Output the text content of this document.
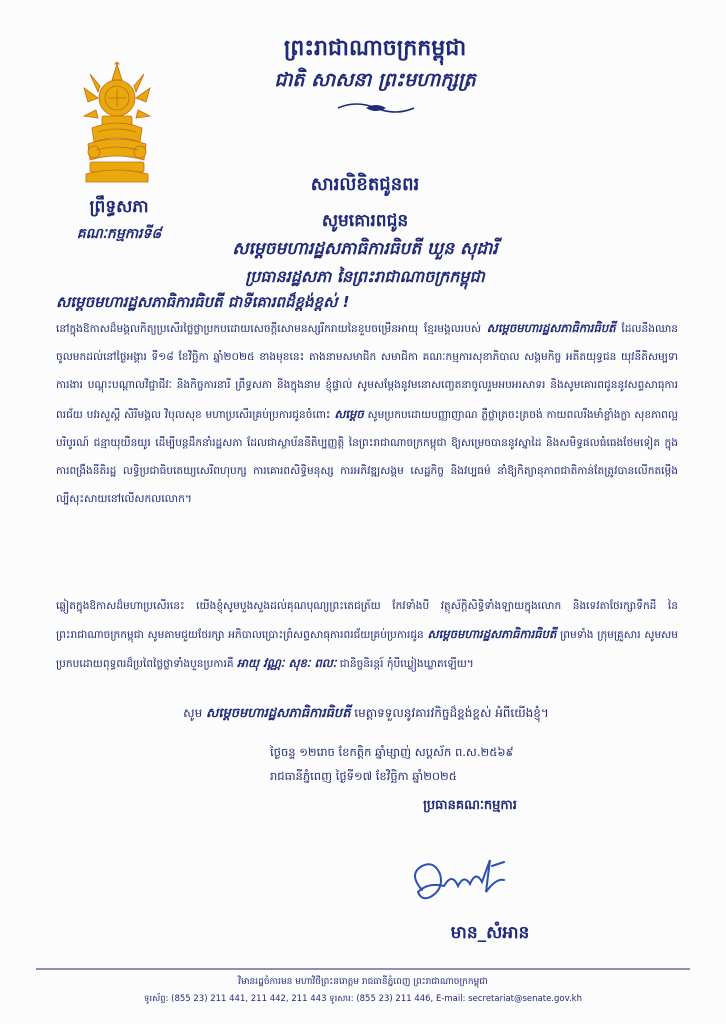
ព្រឹទ្ធសភា
គណៈកម្មការទី៨
ព្រះរាជាណាចក្រកម្ពុជា
ជាតិ សាសនា ព្រះមហាក្សត្រ
សារលិខិតជូនពរ
សូមគោរពជូន
សម្តេចមហារដ្ឋសភាធិការធិបតី ឃួន សុដារី
ប្រធានរដ្ឋសភា នៃព្រះរាជាណាចក្រកម្ពុជា
សម្តេចមហារដ្ឋសភាធិការធិបតី ជាទីគោរពដ៏ខ្ពង់ខ្ពស់ !
នៅក្នុងឱកាសដ៏មង្គលកិត្យប្រសើរថ្លៃថ្លាប្រកបដោយសេចក្តីសោមនស្សរីករាយនៃខួបចម្រើនអាយុ ខ្មែរមង្គលរបស់ សម្តេចមហារដ្ឋសភាធិការធិបតី ដែលនឹងឈានចូលមកដល់នៅថ្ងៃអង្គារ ទី១៨ ខែវិច្ឆិកា ឆ្នាំ២០២៥ ខាងមុខនេះ តាងនាមសមាជិក សមាជិកា គណៈកម្មការសុខាភិបាល សង្គមកិច្ច អតីតយុទ្ធជន យុវនីតិសម្បទា ការងារ បណ្តុះបណ្តាលវិជ្ជាជីវៈ និងកិច្ចការនារី ព្រឹទ្ធសភា និងក្នុងនាម ខ្ញុំផ្ទាល់ សូមសម្តែងនូវមនោសញ្ចេតនាចូលរួមអបអរសាទរ និងសូមគោរពជូននូវសព្ទសាធុការពរជ័យ បវរសួស្តី សិរីមង្គល វិបុលសុខ មហាប្រសើរគ្រប់ប្រការជូនចំពោះ សម្តេច សូមប្រកបដោយបញ្ញាញាណ ភ្លឺថ្លាត្រចះត្រចង់ កាយពលរឹងមាំខ្លាំងក្លា សុខភាពល្អបរិបូរណ៍ ជន្មាយុយឺនយូរ ដើម្បីបន្តដឹកនាំរដ្ឋសភា ដែលជាស្ថាប័ននីតិប្បញ្ញត្តិ នៃព្រះរាជាណាចក្រកម្ពុជា ឱ្យសម្រេចបាននូវស្នាដៃ និងសមិទ្ធផលធំធេងថែមទៀត ក្នុងការពង្រឹងនីតិរដ្ឋ លទ្ធិប្រជាធិបតេយ្យសេរីពហុបក្ស ការគោរពសិទ្ធិមនុស្ស ការអភិវឌ្ឍសង្គម សេដ្ឋកិច្ច និងវប្បធម៌ នាំឱ្យកិត្យានុភាពជាតិកាន់តែត្រូវបានលើកតម្កើងល្បីសុះសាយនៅលើសកលលោក។
ឆ្លៀតក្នុងឱកាសដ៏មហាប្រសើរនេះ យើងខ្ញុំសូមបួងសួងដល់គុណបុណ្យព្រះតេជត្រ័យ កែវទាំងបី វត្ថុស័ក្តិសិទ្ធិទាំងឡាយក្នុងលោក និងទេវតាថែរក្សាទឹកដី នៃព្រះរាជាណាចក្រកម្ពុជា សូមតាមជួយថែរក្សា អភិបាលប្រោះព្រំសព្ទសាធុការពរជ័យគ្រប់ប្រការជូន សម្តេចមហារដ្ឋសភាធិការធិបតី ព្រមទាំង ក្រុមគ្រួសារ សូមសមប្រកបដោយពុទ្ធពរដ៏ប្រពៃថ្លៃថ្លាទាំងបួនប្រការគឺ អាយុ វណ្ណៈ សុខៈ ពលៈ ជានិច្ចនិរន្តរ៍ កុំបីឃ្លៀងឃ្លាតឡើយ។
សូម សម្តេចមហារដ្ឋសភាធិការធិបតី មេត្តាទទួលនូវគារវកិច្ចដ៏ខ្ពង់ខ្ពស់ អំពីយើងខ្ញុំ។
ថ្ងៃចន្ទ ១២រោច ខែកត្តិក ឆ្នាំម្សាញ់ សប្តស័ក ព.ស.២៥៦៩
រាជធានីភ្នំពេញ ថ្ងៃទី១៧ ខែវិច្ឆិកា ឆ្នាំ២០២៥
ប្រធានគណៈកម្មការ
មាន_សំអាន
វិមានរដ្ឋចំការមន មហាវិថីព្រះនរោត្តម រាជធានីភ្នំពេញ ព្រះរាជាណាចក្រកម្ពុជា
ទូរស័ព្ទ: (855 23) 211 441, 211 442, 211 443 ទូរសារ: (855 23) 211 446, E-mail: secretariat@senate.gov.kh
